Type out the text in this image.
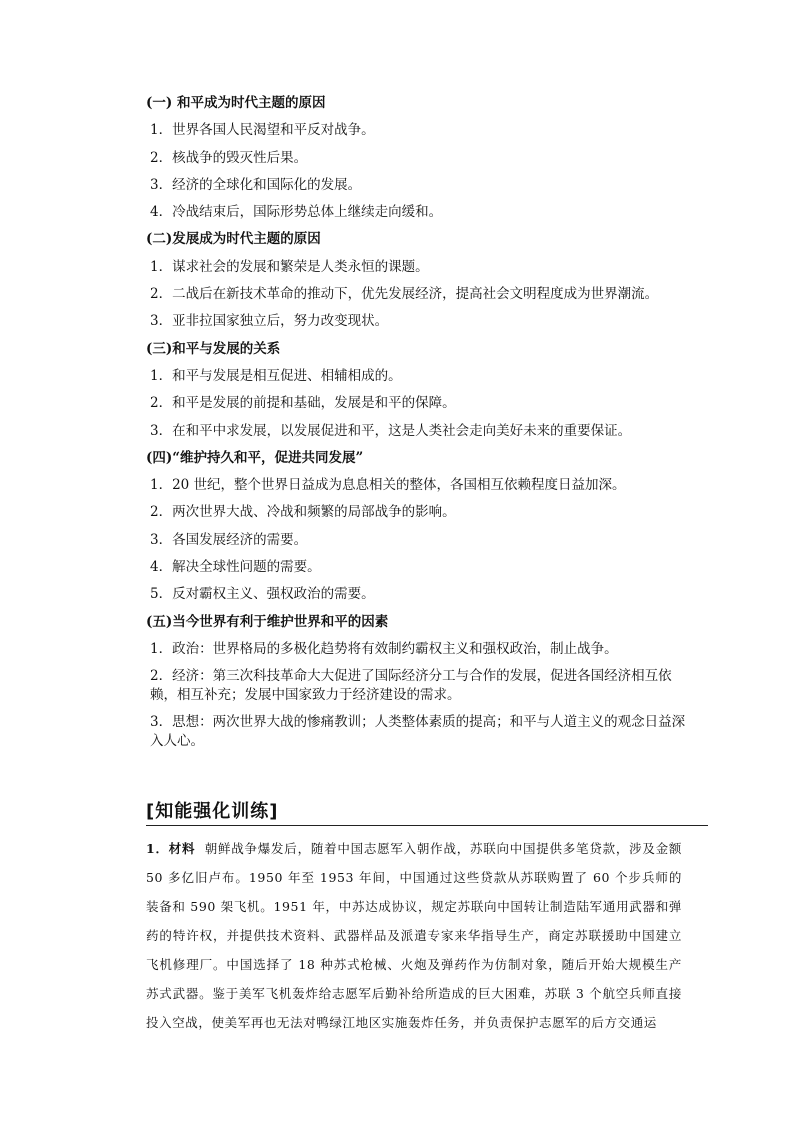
(一) 和平成为时代主题的原因

1．世界各国人民渴望和平反对战争。

2．核战争的毁灭性后果。

3．经济的全球化和国际化的发展。

4．冷战结束后，国际形势总体上继续走向缓和。

(二)发展成为时代主题的原因

1．谋求社会的发展和繁荣是人类永恒的课题。

2．二战后在新技术革命的推动下，优先发展经济，提高社会文明程度成为世界潮流。

3．亚非拉国家独立后，努力改变现状。

(三)和平与发展的关系

1．和平与发展是相互促进、相辅相成的。

2．和平是发展的前提和基础，发展是和平的保障。

3．在和平中求发展，以发展促进和平，这是人类社会走向美好未来的重要保证。

(四)“维护持久和平，促进共同发展”

1．20 世纪，整个世界日益成为息息相关的整体，各国相互依赖程度日益加深。

2．两次世界大战、冷战和频繁的局部战争的影响。

3．各国发展经济的需要。

4．解决全球性问题的需要。

5．反对霸权主义、强权政治的需要。

(五)当今世界有利于维护世界和平的因素

1．政治：世界格局的多极化趋势将有效制约霸权主义和强权政治，制止战争。

2．经济：第三次科技革命大大促进了国际经济分工与合作的发展，促进各国经济相互依赖，相互补充；发展中国家致力于经济建设的需求。

3．思想：两次世界大战的惨痛教训；人类整体素质的提高；和平与人道主义的观念日益深入人心。

[知能强化训练]
1．材料 朝鲜战争爆发后，随着中国志愿军入朝作战，苏联向中国提供多笔贷款，涉及金额 50 多亿旧卢布。1950 年至 1953 年间，中国通过这些贷款从苏联购置了 60 个步兵师的装备和 590 架飞机。1951 年，中苏达成协议，规定苏联向中国转让制造陆军通用武器和弹药的特许权，并提供技术资料、武器样品及派遣专家来华指导生产，商定苏联援助中国建立飞机修理厂。中国选择了 18 种苏式枪械、火炮及弹药作为仿制对象，随后开始大规模生产苏式武器。鉴于美军飞机轰炸给志愿军后勤补给所造成的巨大困难，苏联 3 个航空兵师直接投入空战，使美军再也无法对鸭绿江地区实施轰炸任务，并负责保护志愿军的后方交通运
